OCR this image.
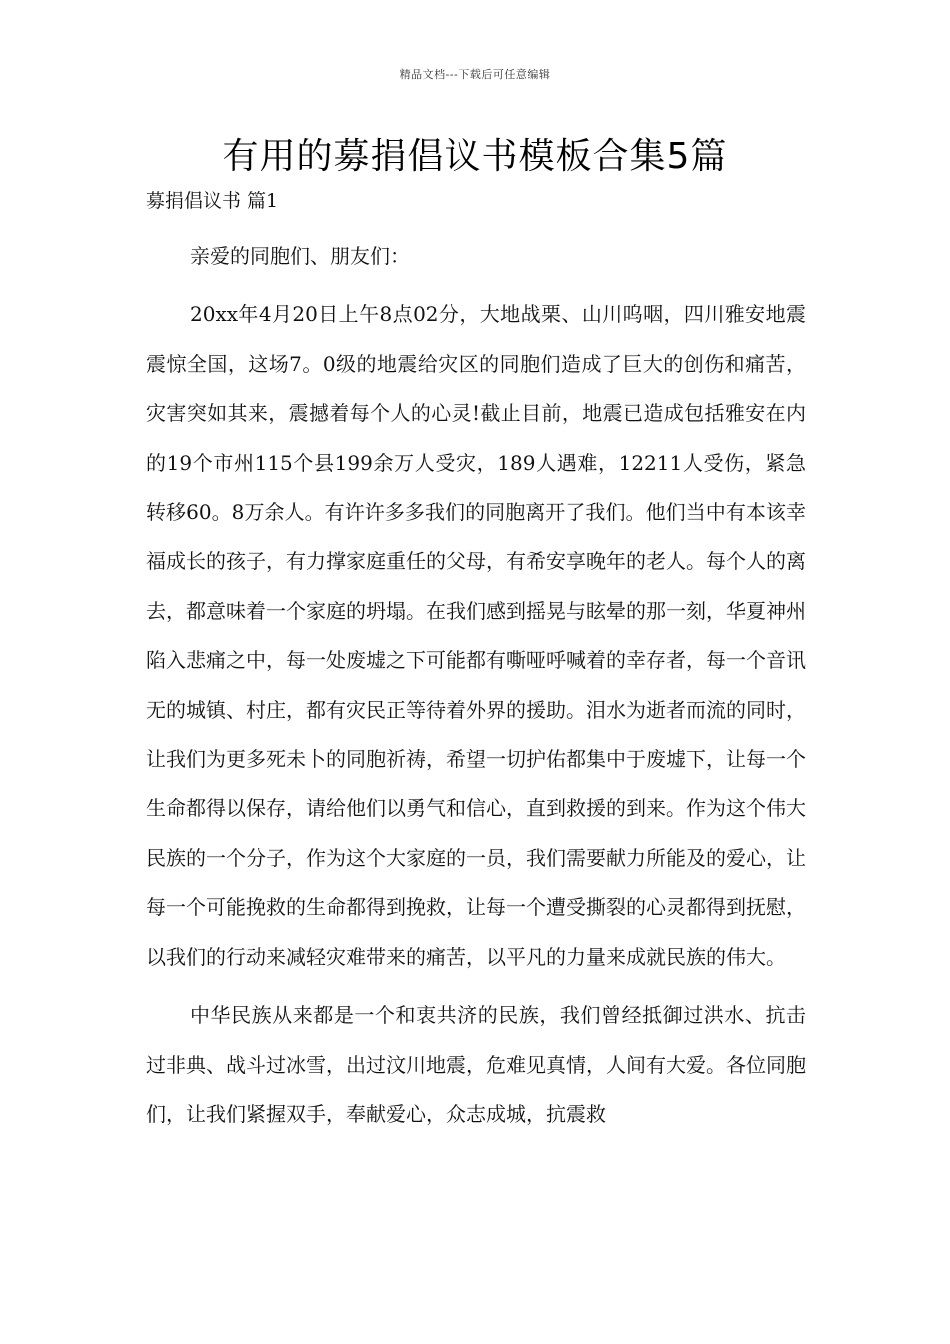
精品文档---下载后可任意编辑
有用的募捐倡议书模板合集5篇
募捐倡议书 篇1

亲爱的同胞们、朋友们：

20xx年4月20日上午8点02分，大地战栗、山川呜咽，四川雅安地震震惊全国，这场7。0级的地震给灾区的同胞们造成了巨大的创伤和痛苦，灾害突如其来，震撼着每个人的心灵!截止目前，地震已造成包括雅安在内的19个市州115个县199余万人受灾，189人遇难，12211人受伤，紧急转移60。8万余人。有许许多多我们的同胞离开了我们。他们当中有本该幸福成长的孩子，有力撑家庭重任的父母，有希安享晚年的老人。每个人的离去，都意味着一个家庭的坍塌。在我们感到摇晃与眩晕的那一刻，华夏神州陷入悲痛之中，每一处废墟之下可能都有嘶哑呼喊着的幸存者，每一个音讯无的城镇、村庄，都有灾民正等待着外界的援助。泪水为逝者而流的同时，让我们为更多死未卜的同胞祈祷，希望一切护佑都集中于废墟下，让每一个生命都得以保存，请给他们以勇气和信心，直到救援的到来。作为这个伟大民族的一个分子，作为这个大家庭的一员，我们需要献力所能及的爱心，让每一个可能挽救的生命都得到挽救，让每一个遭受撕裂的心灵都得到抚慰，以我们的行动来减轻灾难带来的痛苦，以平凡的力量来成就民族的伟大。

中华民族从来都是一个和衷共济的民族，我们曾经抵御过洪水、抗击过非典、战斗过冰雪，出过汶川地震，危难见真情，人间有大爱。各位同胞们，让我们紧握双手，奉献爱心，众志成城，抗震救
